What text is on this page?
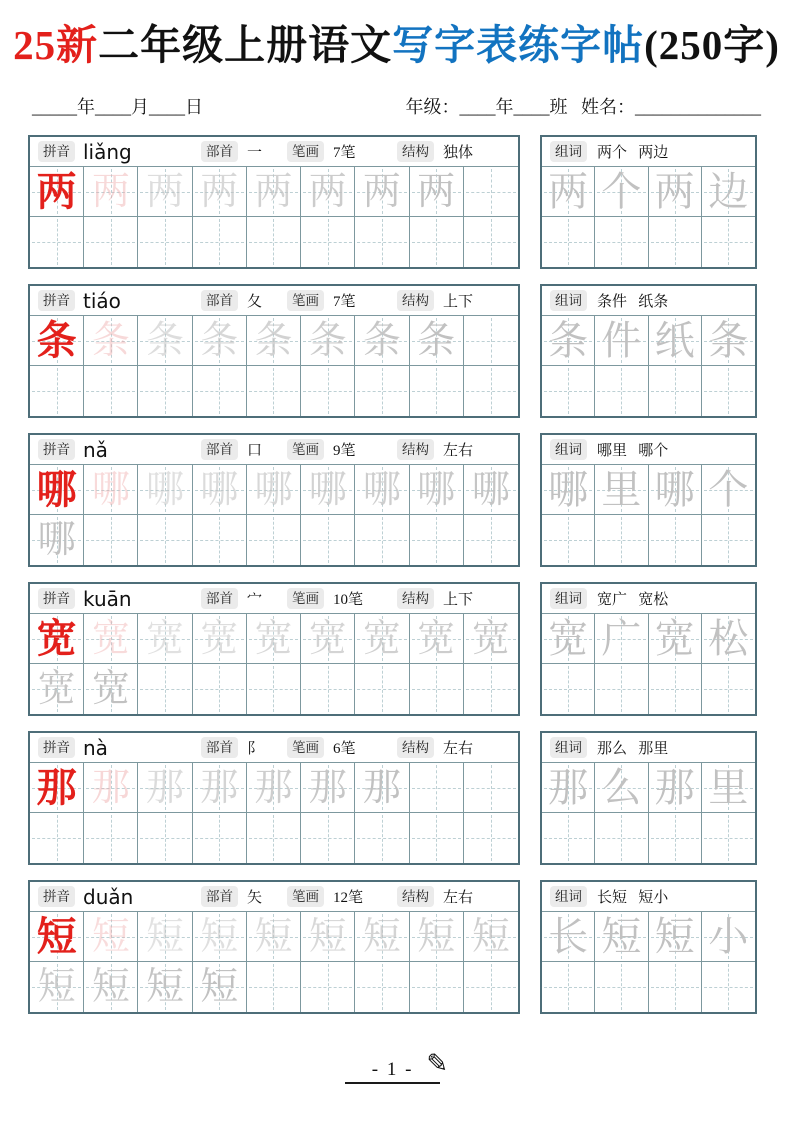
25新二年级上册语文写字表练字帖(250字)
_____年____月____日	年级：____年____班   姓名：______________
拼音 liǎng	部首 一	笔画 7笔	结构 独体
两 两 两 两 两 两 两 两
组词	两个   两边
两 个 两 边
拼音 tiáo	部首 夂	笔画 7笔	结构 上下
条 条 条 条 条 条 条 条
组词	条件   纸条
条 件 纸 条
拼音 nǎ	部首 口	笔画 9笔	结构 左右
哪 哪 哪 哪 哪 哪 哪 哪 哪
哪
组词	哪里   哪个
哪 里 哪 个
拼音 kuān	部首 宀	笔画 10笔	结构 上下
宽 宽 宽 宽 宽 宽 宽 宽 宽
宽 宽
组词	宽广   宽松
宽 广 宽 松
拼音 nà	部首 阝	笔画 6笔	结构 左右
那 那 那 那 那 那 那
组词	那么   那里
那 么 那 里
拼音 duǎn	部首 矢	笔画 12笔	结构 左右
短 短 短 短 短 短 短 短 短
短 短 短 短
组词	长短   短小
长 短 短 小
- 1 - ✎
